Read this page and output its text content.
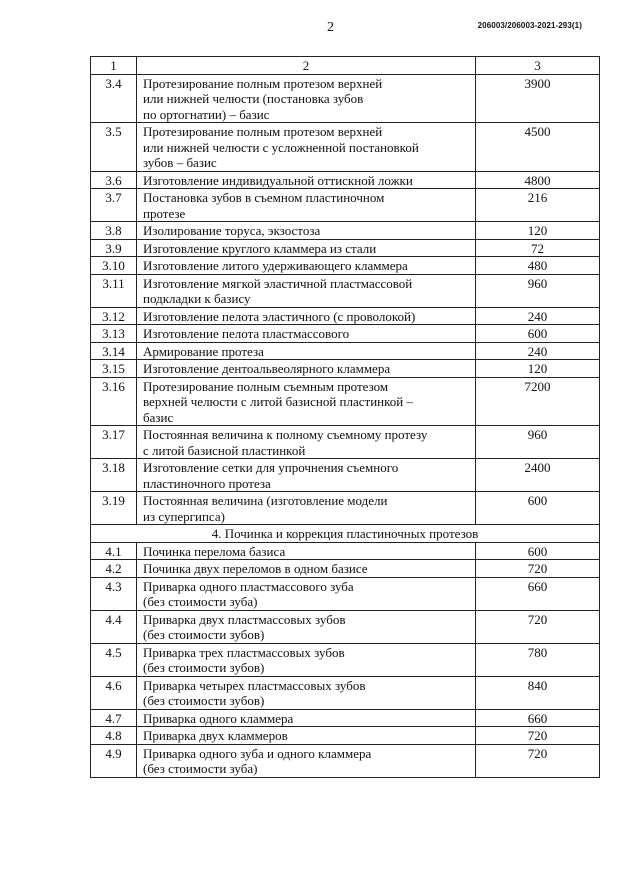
2	206003/206003-2021-293(1)
1	2	3
3.4	Протезирование полным протезом верхней
или нижней челюсти (постановка зубов
по ортогнатии) – базис	3900
3.5	Протезирование полным протезом верхней
или нижней челюсти с усложненной постановкой
зубов – базис	4500
3.6	Изготовление индивидуальной оттискной ложки	4800
3.7	Постановка зубов в съемном пластиночном
протезе	216
3.8	Изолирование торуса, экзостоза	120
3.9	Изготовление круглого кламмера из стали	72
3.10	Изготовление литого удерживающего кламмера	480
3.11	Изготовление мягкой эластичной пластмассовой
подкладки к базису	960
3.12	Изготовление пелота эластичного (с проволокой)	240
3.13	Изготовление пелота пластмассового	600
3.14	Армирование протеза	240
3.15	Изготовление дентоальвеолярного кламмера	120
3.16	Протезирование полным съемным протезом
верхней челюсти с литой базисной пластинкой –
базис	7200
3.17	Постоянная величина к полному съемному протезу
с литой базисной пластинкой	960
3.18	Изготовление сетки для упрочнения съемного
пластиночного протеза	2400
3.19	Постоянная величина (изготовление модели
из супергипса)	600
4. Починка и коррекция пластиночных протезов		
4.1	Починка перелома базиса	600
4.2	Починка двух переломов в одном базисе	720
4.3	Приварка одного пластмассового зуба
(без стоимости зуба)	660
4.4	Приварка двух пластмассовых зубов
(без стоимости зубов)	720
4.5	Приварка трех пластмассовых зубов
(без стоимости зубов)	780
4.6	Приварка четырех пластмассовых зубов
(без стоимости зубов)	840
4.7	Приварка одного кламмера	660
4.8	Приварка двух кламмеров	720
4.9	Приварка одного зуба и одного кламмера
(без стоимости зуба)	720
